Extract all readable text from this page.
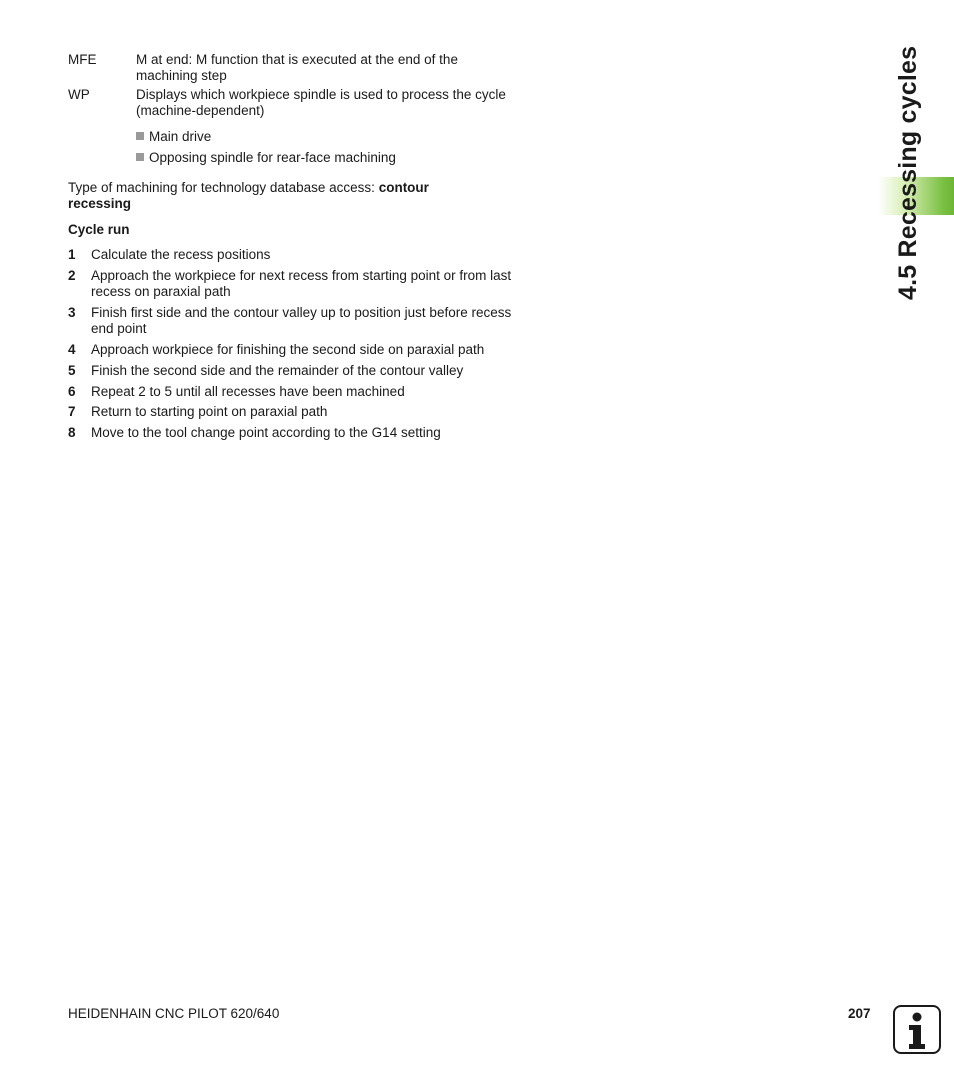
MFE	M at end: M function that is executed at the end of the machining step
WP	Displays which workpiece spindle is used to process the cycle (machine-dependent)
Main drive
Opposing spindle for rear-face machining
Type of machining for technology database access: contour recessing
Cycle run
1 Calculate the recess positions
2 Approach the workpiece for next recess from starting point or from last recess on paraxial path
3 Finish first side and the contour valley up to position just before recess end point
4 Approach workpiece for finishing the second side on paraxial path
5 Finish the second side and the remainder of the contour valley
6 Repeat 2 to 5 until all recesses have been machined
7 Return to starting point on paraxial path
8 Move to the tool change point according to the G14 setting
4.5 Recessing cycles
HEIDENHAIN CNC PILOT 620/640	207
